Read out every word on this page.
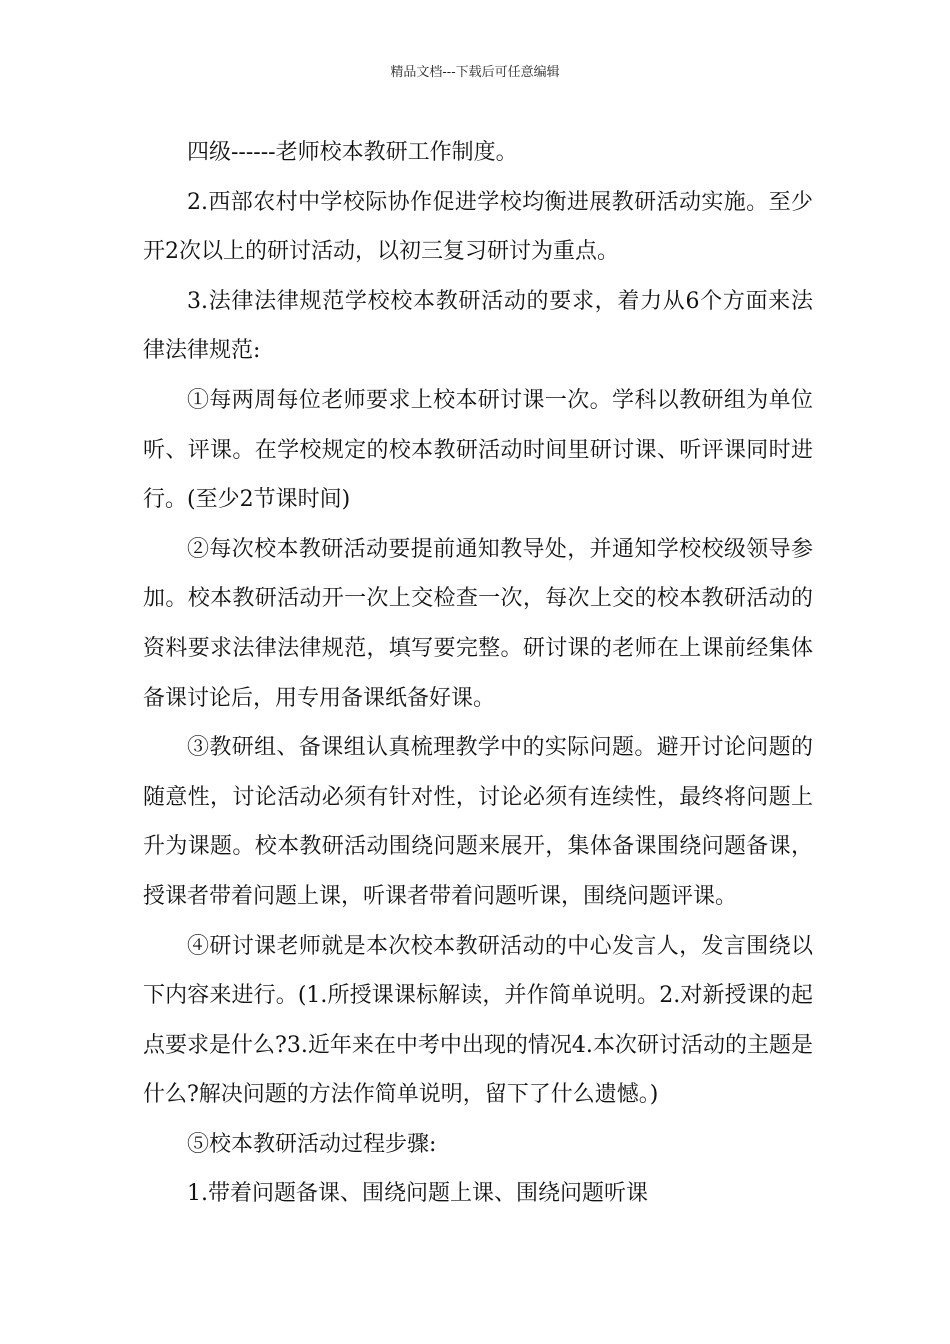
精品文档---下载后可任意编辑

四级------老师校本教研工作制度。

2.西部农村中学校际协作促进学校均衡进展教研活动实施。至少开2次以上的研讨活动，以初三复习研讨为重点。

3.法律法律规范学校校本教研活动的要求，着力从6个方面来法律法律规范:

①每两周每位老师要求上校本研讨课一次。学科以教研组为单位听、评课。在学校规定的校本教研活动时间里研讨课、听评课同时进行。(至少2节课时间)

②每次校本教研活动要提前通知教导处，并通知学校校级领导参加。校本教研活动开一次上交检查一次，每次上交的校本教研活动的资料要求法律法律规范，填写要完整。研讨课的老师在上课前经集体备课讨论后，用专用备课纸备好课。

③教研组、备课组认真梳理教学中的实际问题。避开讨论问题的随意性，讨论活动必须有针对性，讨论必须有连续性，最终将问题上升为课题。校本教研活动围绕问题来展开，集体备课围绕问题备课，授课者带着问题上课，听课者带着问题听课，围绕问题评课。

④研讨课老师就是本次校本教研活动的中心发言人，发言围绕以下内容来进行。(1.所授课课标解读，并作简单说明。2.对新授课的起点要求是什么?3.近年来在中考中出现的情况4.本次研讨活动的主题是什么?解决问题的方法作简单说明，留下了什么遗憾。)

⑤校本教研活动过程步骤:

1.带着问题备课、围绕问题上课、围绕问题听课
